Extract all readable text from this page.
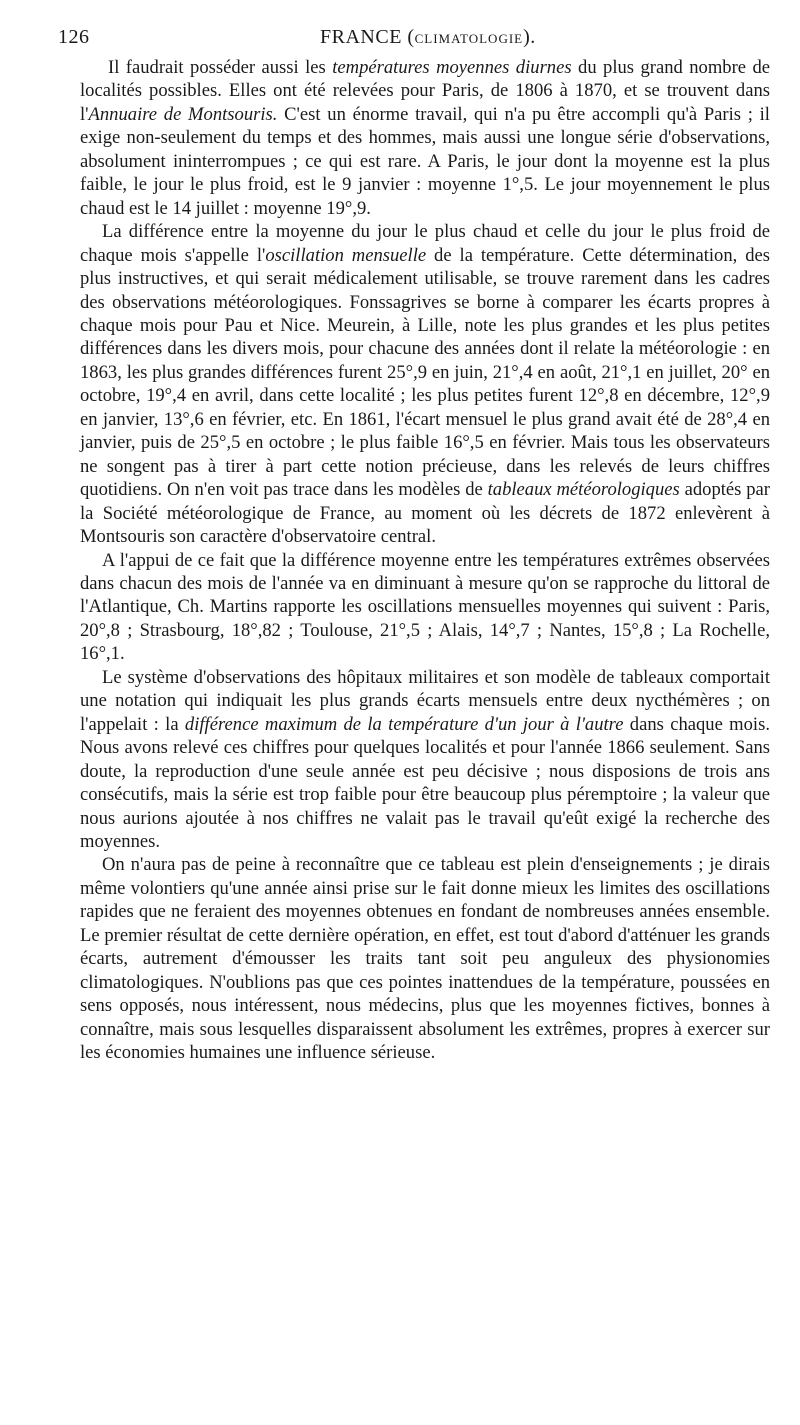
126	FRANCE (CLIMATOLOGIE).

Il faudrait posséder aussi les températures moyennes diurnes du plus grand nombre de localités possibles. Elles ont été relevées pour Paris, de 1806 à 1870, et se trouvent dans l'Annuaire de Montsouris. C'est un énorme travail, qui n'a pu être accompli qu'à Paris ; il exige non-seulement du temps et des hommes, mais aussi une longue série d'observations, absolument ininterrompues ; ce qui est rare. A Paris, le jour dont la moyenne est la plus faible, le jour le plus froid, est le 9 janvier : moyenne 1°,5. Le jour moyennement le plus chaud est le 14 juillet : moyenne 19°,9.

La différence entre la moyenne du jour le plus chaud et celle du jour le plus froid de chaque mois s'appelle l'oscillation mensuelle de la température. Cette détermination, des plus instructives, et qui serait médicalement utilisable, se trouve rarement dans les cadres des observations météorologiques. Fonssagrives se borne à comparer les écarts propres à chaque mois pour Pau et Nice. Meurein, à Lille, note les plus grandes et les plus petites différences dans les divers mois, pour chacune des années dont il relate la météorologie : en 1863, les plus grandes différences furent 25°,9 en juin, 21°,4 en août, 21°,1 en juillet, 20° en octobre, 19°,4 en avril, dans cette localité ; les plus petites furent 12°,8 en décembre, 12°,9 en janvier, 13°,6 en février, etc. En 1861, l'écart mensuel le plus grand avait été de 28°,4 en janvier, puis de 25°,5 en octobre ; le plus faible 16°,5 en février. Mais tous les observateurs ne songent pas à tirer à part cette notion précieuse, dans les relevés de leurs chiffres quotidiens. On n'en voit pas trace dans les modèles de tableaux météorologiques adoptés par la Société météorologique de France, au moment où les décrets de 1872 enlevèrent à Montsouris son caractère d'observatoire central.

A l'appui de ce fait que la différence moyenne entre les températures extrêmes observées dans chacun des mois de l'année va en diminuant à mesure qu'on se rapproche du littoral de l'Atlantique, Ch. Martins rapporte les oscillations mensuelles moyennes qui suivent : Paris, 20°,8 ; Strasbourg, 18°,82 ; Toulouse, 21°,5 ; Alais, 14°,7 ; Nantes, 15°,8 ; La Rochelle, 16°,1.

Le système d'observations des hôpitaux militaires et son modèle de tableaux comportait une notation qui indiquait les plus grands écarts mensuels entre deux nycthémères ; on l'appelait : la différence maximum de la température d'un jour à l'autre dans chaque mois. Nous avons relevé ces chiffres pour quelques localités et pour l'année 1866 seulement. Sans doute, la reproduction d'une seule année est peu décisive ; nous disposions de trois ans consécutifs, mais la série est trop faible pour être beaucoup plus péremptoire ; la valeur que nous aurions ajoutée à nos chiffres ne valait pas le travail qu'eût exigé la recherche des moyennes.

On n'aura pas de peine à reconnaître que ce tableau est plein d'enseignements ; je dirais même volontiers qu'une année ainsi prise sur le fait donne mieux les limites des oscillations rapides que ne feraient des moyennes obtenues en fondant de nombreuses années ensemble. Le premier résultat de cette dernière opération, en effet, est tout d'abord d'atténuer les grands écarts, autrement d'émousser les traits tant soit peu anguleux des physionomies climatologiques. N'oublions pas que ces pointes inattendues de la température, poussées en sens opposés, nous intéressent, nous médecins, plus que les moyennes fictives, bonnes à connaître, mais sous lesquelles disparaissent absolument les extrêmes, propres à exercer sur les économies humaines une influence sérieuse.
